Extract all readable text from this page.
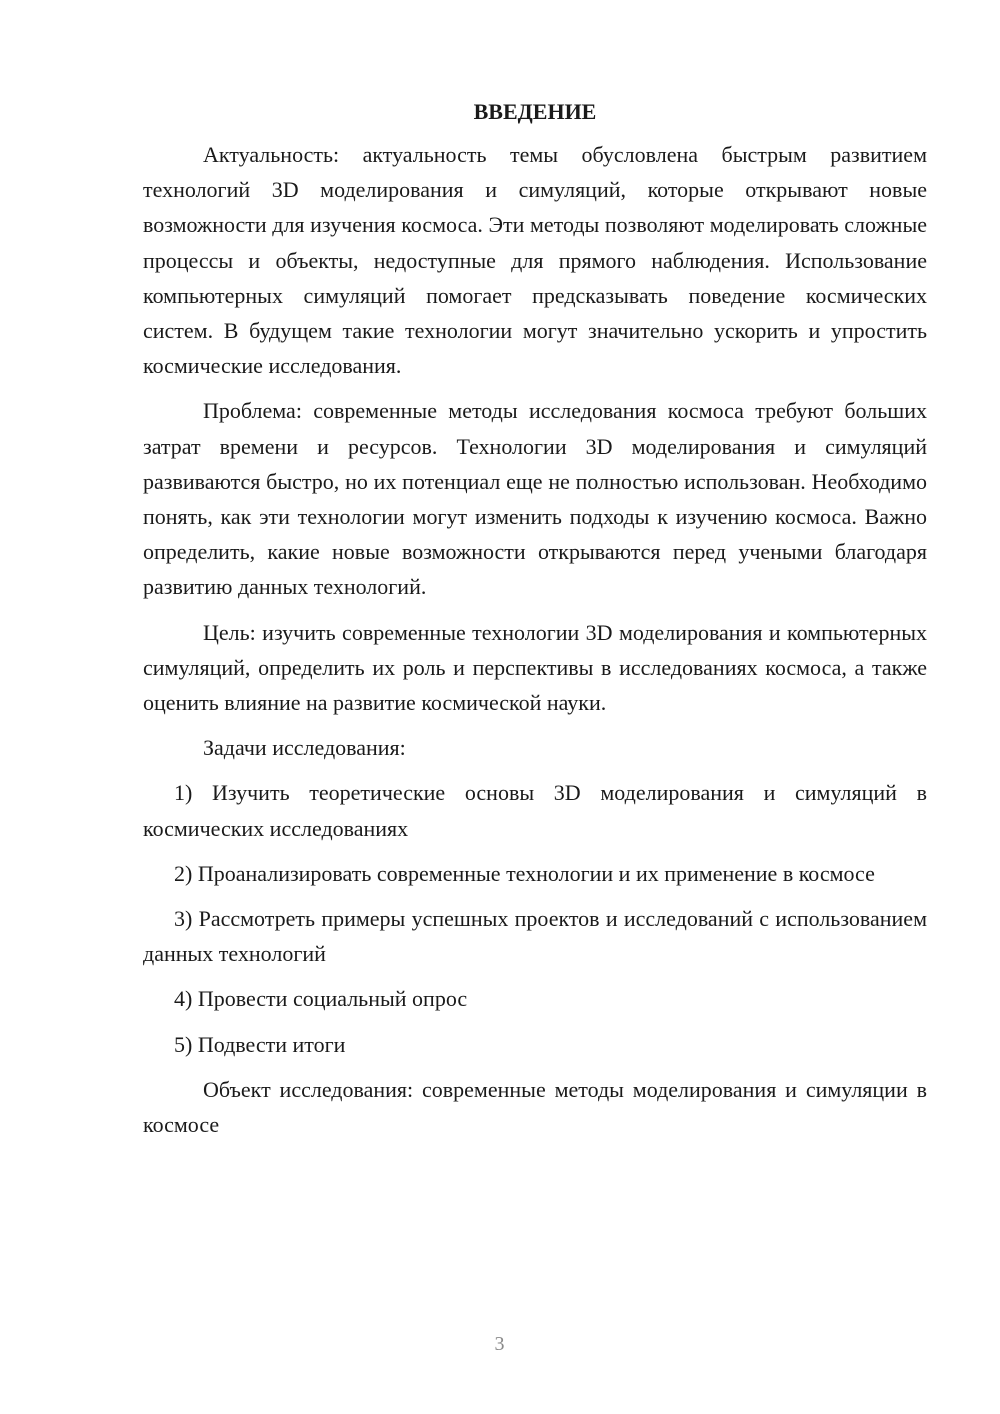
ВВЕДЕНИЕ

Актуальность: актуальность темы обусловлена быстрым развитием технологий 3D моделирования и симуляций, которые открывают новые возможности для изучения космоса. Эти методы позволяют моделировать сложные процессы и объекты, недоступные для прямого наблюдения. Использование компьютерных симуляций помогает предсказывать поведение космических систем. В будущем такие технологии могут значительно ускорить и упростить космические исследования.

Проблема: современные методы исследования космоса требуют больших затрат времени и ресурсов. Технологии 3D моделирования и симуляций развиваются быстро, но их потенциал еще не полностью использован. Необходимо понять, как эти технологии могут изменить подходы к изучению космоса. Важно определить, какие новые возможности открываются перед учеными благодаря развитию данных технологий.

Цель: изучить современные технологии 3D моделирования и компьютерных симуляций, определить их роль и перспективы в исследованиях космоса, а также оценить влияние на развитие космической науки.

Задачи исследования:

1) Изучить теоретические основы 3D моделирования и симуляций в космических исследованиях

2) Проанализировать современные технологии и их применение в космосе

3) Рассмотреть примеры успешных проектов и исследований с использованием данных технологий

4) Провести социальный опрос

5) Подвести итоги

Объект исследования: современные методы моделирования и симуляции в космосе

3
